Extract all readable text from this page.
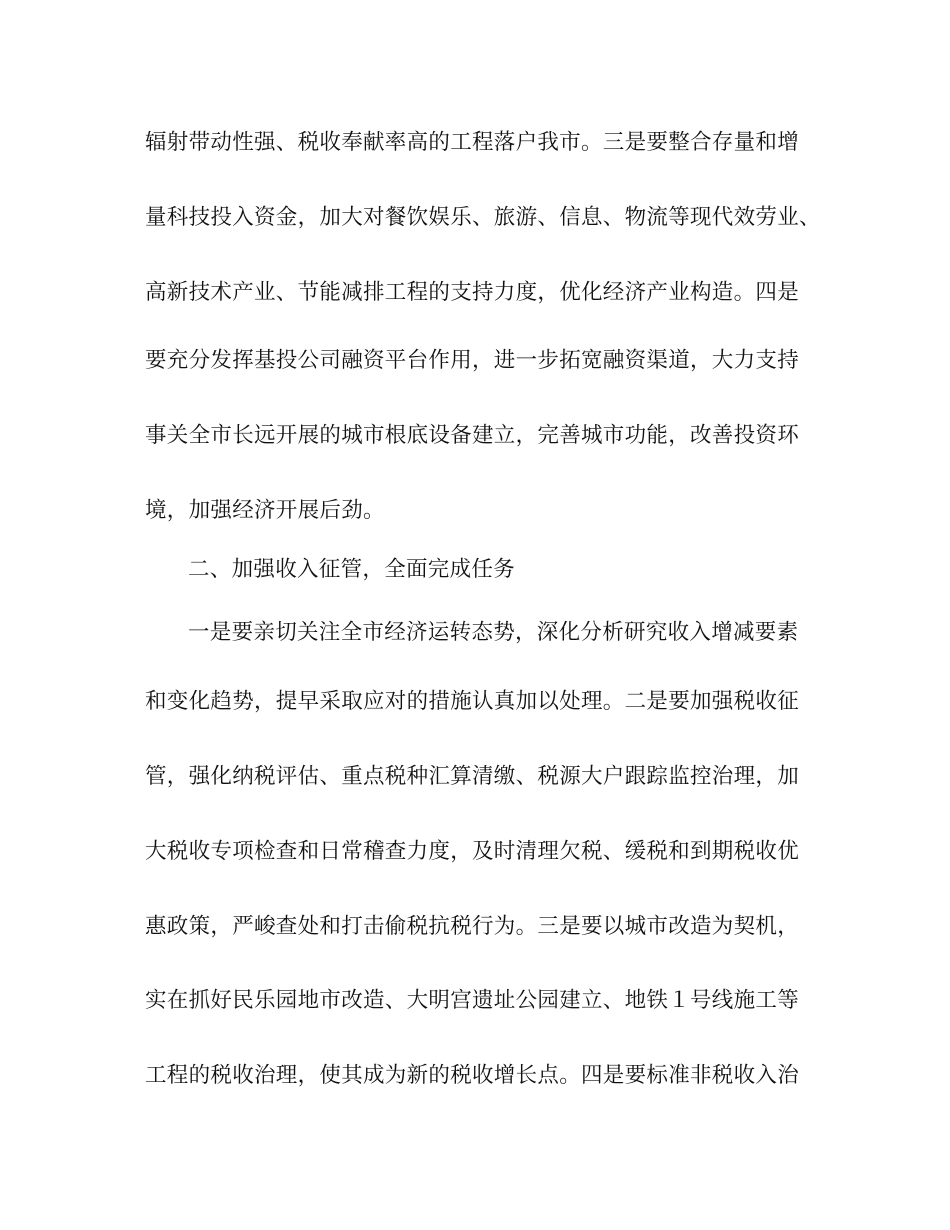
辐射带动性强、税收奉献率高的工程落户我市。三是要整合存量和增
量科技投入资金，加大对餐饮娱乐、旅游、信息、物流等现代效劳业、
高新技术产业、节能减排工程的支持力度，优化经济产业构造。四是
要充分发挥基投公司融资平台作用，进一步拓宽融资渠道，大力支持
事关全市长远开展的城市根底设备建立，完善城市功能，改善投资环
境，加强经济开展后劲。
二、加强收入征管，全面完成任务
一是要亲切关注全市经济运转态势，深化分析研究收入增减要素
和变化趋势，提早采取应对的措施认真加以处理。二是要加强税收征
管，强化纳税评估、重点税种汇算清缴、税源大户跟踪监控治理，加
大税收专项检查和日常稽查力度，及时清理欠税、缓税和到期税收优
惠政策，严峻查处和打击偷税抗税行为。三是要以城市改造为契机，
实在抓好民乐园地市改造、大明宫遗址公园建立、地铁１号线施工等
工程的税收治理，使其成为新的税收增长点。四是要标准非税收入治
